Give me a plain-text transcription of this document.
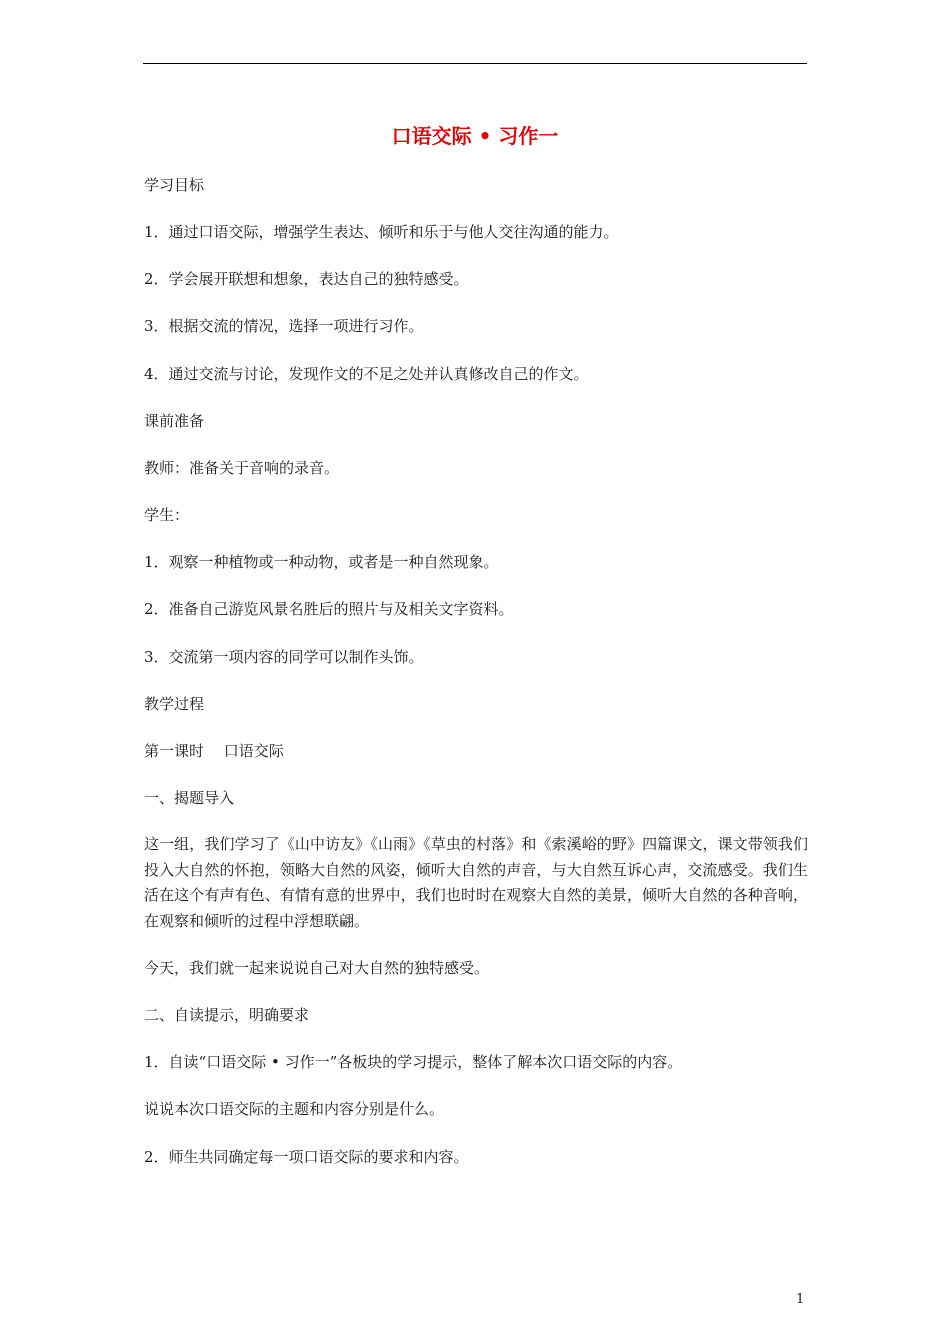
口语交际 • 习作一
学习目标
1．通过口语交际，增强学生表达、倾听和乐于与他人交往沟通的能力。
2．学会展开联想和想象，表达自己的独特感受。
3．根据交流的情况，选择一项进行习作。
4．通过交流与讨论，发现作文的不足之处并认真修改自己的作文。
课前准备
教师：准备关于音响的录音。
学生：
1．观察一种植物或一种动物，或者是一种自然现象。
2．准备自己游览风景名胜后的照片与及相关文字资料。
3．交流第一项内容的同学可以制作头饰。
教学过程
第一课时　 口语交际
一、揭题导入
这一组，我们学习了《山中访友》《山雨》《草虫的村落》和《索溪峪的野》四篇课文，课文带领我们投入大自然的怀抱，领略大自然的风姿，倾听大自然的声音，与大自然互诉心声，交流感受。我们生活在这个有声有色、有情有意的世界中，我们也时时在观察大自然的美景，倾听大自然的各种音响，在观察和倾听的过程中浮想联翩。
今天，我们就一起来说说自己对大自然的独特感受。
二、自读提示，明确要求
1．自读“口语交际 • 习作一”各板块的学习提示，整体了解本次口语交际的内容。
说说本次口语交际的主题和内容分别是什么。
2．师生共同确定每一项口语交际的要求和内容。
1
